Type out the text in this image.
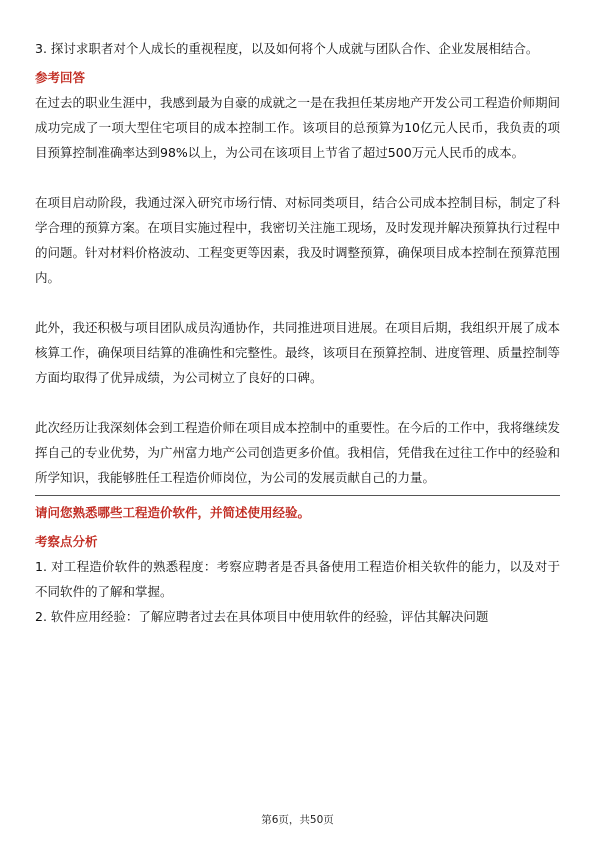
3. 探讨求职者对个人成长的重视程度，以及如何将个人成就与团队合作、企业发展相结合。

参考回答

在过去的职业生涯中，我感到最为自豪的成就之一是在我担任某房地产开发公司工程造价师期间成功完成了一项大型住宅项目的成本控制工作。该项目的总预算为10亿元人民币，我负责的项目预算控制准确率达到98%以上，为公司在该项目上节省了超过500万元人民币的成本。

在项目启动阶段，我通过深入研究市场行情、对标同类项目，结合公司成本控制目标，制定了科学合理的预算方案。在项目实施过程中，我密切关注施工现场，及时发现并解决预算执行过程中的问题。针对材料价格波动、工程变更等因素，我及时调整预算，确保项目成本控制在预算范围内。

此外，我还积极与项目团队成员沟通协作，共同推进项目进展。在项目后期，我组织开展了成本核算工作，确保项目结算的准确性和完整性。最终，该项目在预算控制、进度管理、质量控制等方面均取得了优异成绩，为公司树立了良好的口碑。

此次经历让我深刻体会到工程造价师在项目成本控制中的重要性。在今后的工作中，我将继续发挥自己的专业优势，为广州富力地产公司创造更多价值。我相信，凭借我在过往工作中的经验和所学知识，我能够胜任工程造价师岗位，为公司的发展贡献自己的力量。

请问您熟悉哪些工程造价软件，并简述使用经验。

考察点分析

1. 对工程造价软件的熟悉程度：考察应聘者是否具备使用工程造价相关软件的能力，以及对于不同软件的了解和掌握。

2. 软件应用经验：了解应聘者过去在具体项目中使用软件的经验，评估其解决问题

第6页，共50页
